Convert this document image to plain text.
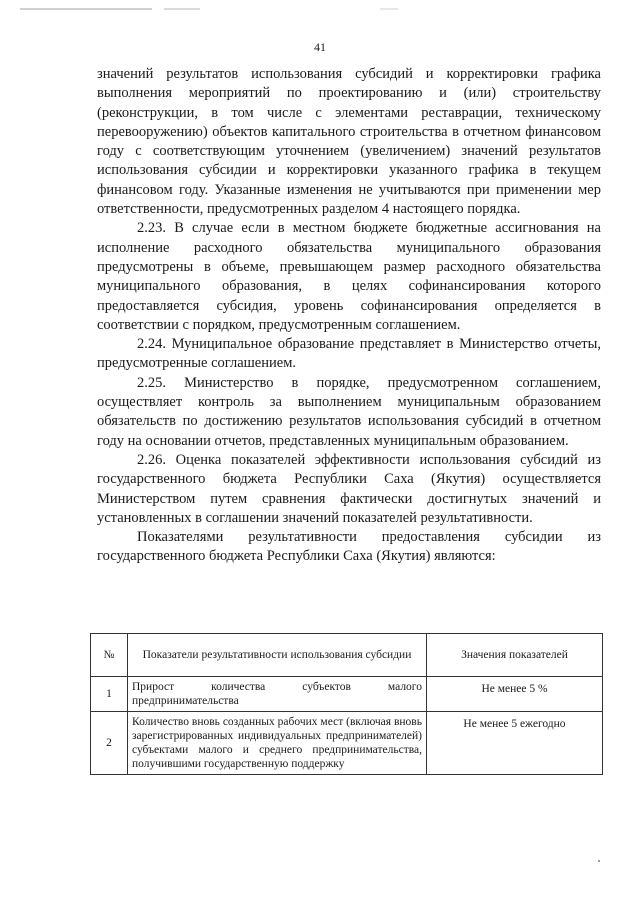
41

значений результатов использования субсидий и корректировки графика выполнения мероприятий по проектированию и (или) строительству (реконструкции, в том числе с элементами реставрации, техническому перевооружению) объектов капитального строительства в отчетном финансовом году с соответствующим уточнением (увеличением) значений результатов использования субсидии и корректировки указанного графика в текущем финансовом году. Указанные изменения не учитываются при применении мер ответственности, предусмотренных разделом 4 настоящего порядка.

2.23. В случае если в местном бюджете бюджетные ассигнования на исполнение расходного обязательства муниципального образования предусмотрены в объеме, превышающем размер расходного обязательства муниципального образования, в целях софинансирования которого предоставляется субсидия, уровень софинансирования определяется в соответствии с порядком, предусмотренным соглашением.

2.24. Муниципальное образование представляет в Министерство отчеты, предусмотренные соглашением.

2.25. Министерство в порядке, предусмотренном соглашением, осуществляет контроль за выполнением муниципальным образованием обязательств по достижению результатов использования субсидий в отчетном году на основании отчетов, представленных муниципальным образованием.

2.26. Оценка показателей эффективности использования субсидий из государственного бюджета Республики Саха (Якутия) осуществляется Министерством путем сравнения фактически достигнутых значений и установленных в соглашении значений показателей результативности.

Показателями результативности предоставления субсидии из государственного бюджета Республики Саха (Якутия) являются:

№	Показатели результативности использования субсидии	Значения показателей
1	Прирост количества субъектов малого предпринимательства	Не менее 5 %
2	Количество вновь созданных рабочих мест (включая вновь зарегистрированных индивидуальных предпринимателей) субъектами малого и среднего предпринимательства, получившими государственную поддержку	Не менее 5 ежегодно
